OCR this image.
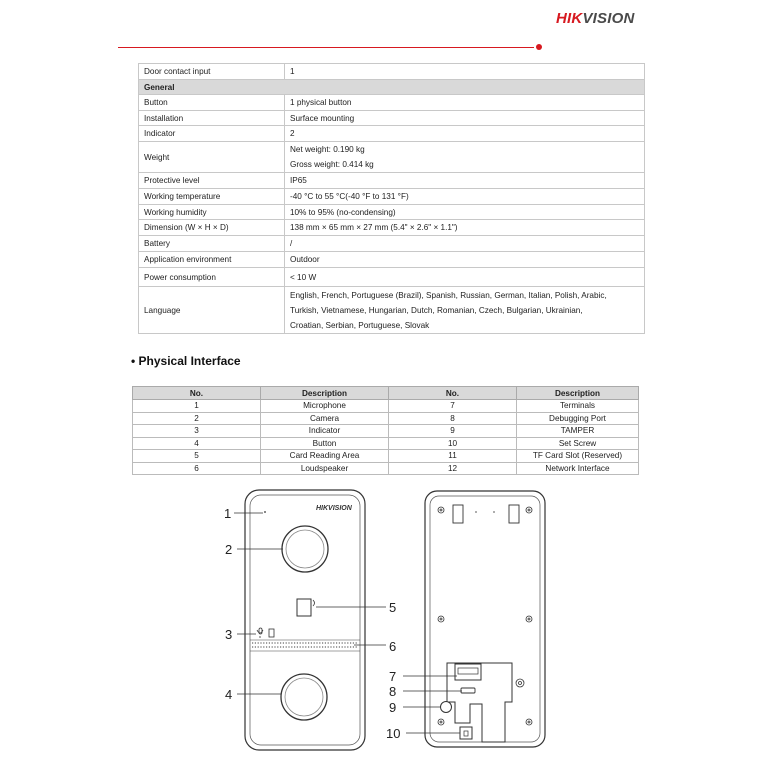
HIKVISION
Door contact input	1
General	
Button	1 physical button
Installation	Surface mounting
Indicator	2
Weight	Net weight: 0.190 kg
Gross weight: 0.414 kg

Protective level	IP65
Working temperature	-40 °C to 55 °C(-40 °F to 131 °F)
Working humidity	10% to 95% (no-condensing)
Dimension (W × H × D)	138 mm × 65 mm × 27 mm (5.4" × 2.6" × 1.1")
Battery	/
Application environment	Outdoor
Power consumption	< 10 W
Language	English, French, Portuguese (Brazil), Spanish, Russian, German, Italian, Polish, Arabic,
Turkish, Vietnamese, Hungarian, Dutch, Romanian, Czech, Bulgarian, Ukrainian,
Croatian, Serbian, Portuguese, Slovak
• Physical Interface
No.	Description	No.	Description
1	Microphone	7	Terminals
2	Camera	8	Debugging Port
3	Indicator	9	TAMPER
4	Button	10	Set Screw
5	Card Reading Area	11	TF Card Slot (Reserved)
6	Loudspeaker	12	Network Interface
HIKVISION
1
2
3
4
5
6
7
8
9
10
